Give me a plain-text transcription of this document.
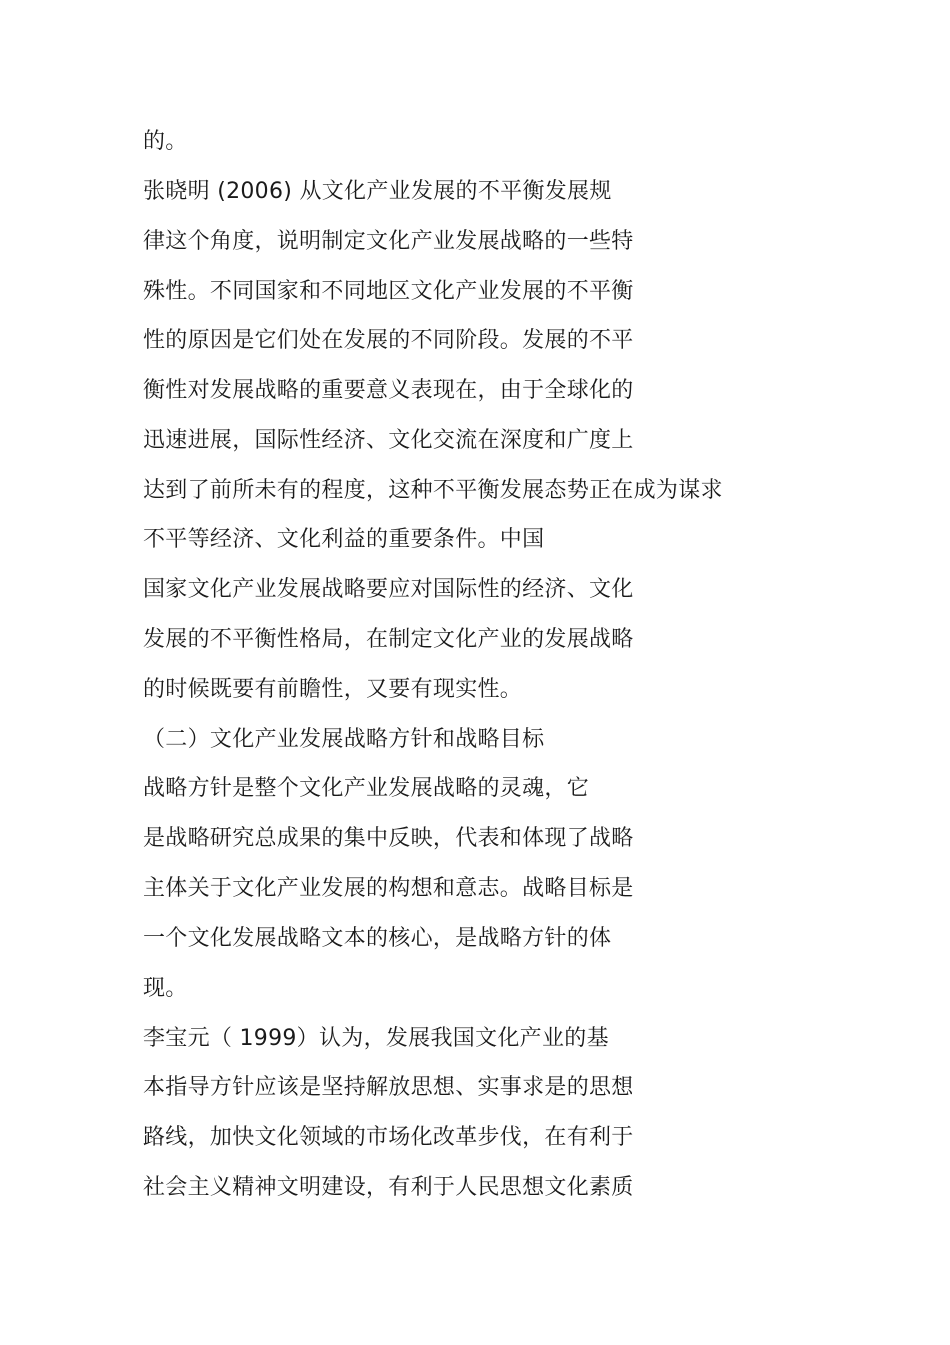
的。
张晓明 (2006) 从文化产业发展的不平衡发展规
律这个角度，说明制定文化产业发展战略的一些特
殊性。不同国家和不同地区文化产业发展的不平衡
性的原因是它们处在发展的不同阶段。发展的不平
衡性对发展战略的重要意义表现在，由于全球化的
迅速进展，国际性经济、文化交流在深度和广度上
达到了前所未有的程度，这种不平衡发展态势正在成为谋求
不平等经济、文化利益的重要条件。中国
国家文化产业发展战略要应对国际性的经济、文化
发展的不平衡性格局，在制定文化产业的发展战略
的时候既要有前瞻性，又要有现实性。
（二）文化产业发展战略方针和战略目标
战略方针是整个文化产业发展战略的灵魂，它
是战略研究总成果的集中反映，代表和体现了战略
主体关于文化产业发展的构想和意志。战略目标是
一个文化发展战略文本的核心，是战略方针的体
现。
李宝元（ 1999）认为，发展我国文化产业的基
本指导方针应该是坚持解放思想、实事求是的思想
路线，加快文化领域的市场化改革步伐，在有利于
社会主义精神文明建设，有利于人民思想文化素质
